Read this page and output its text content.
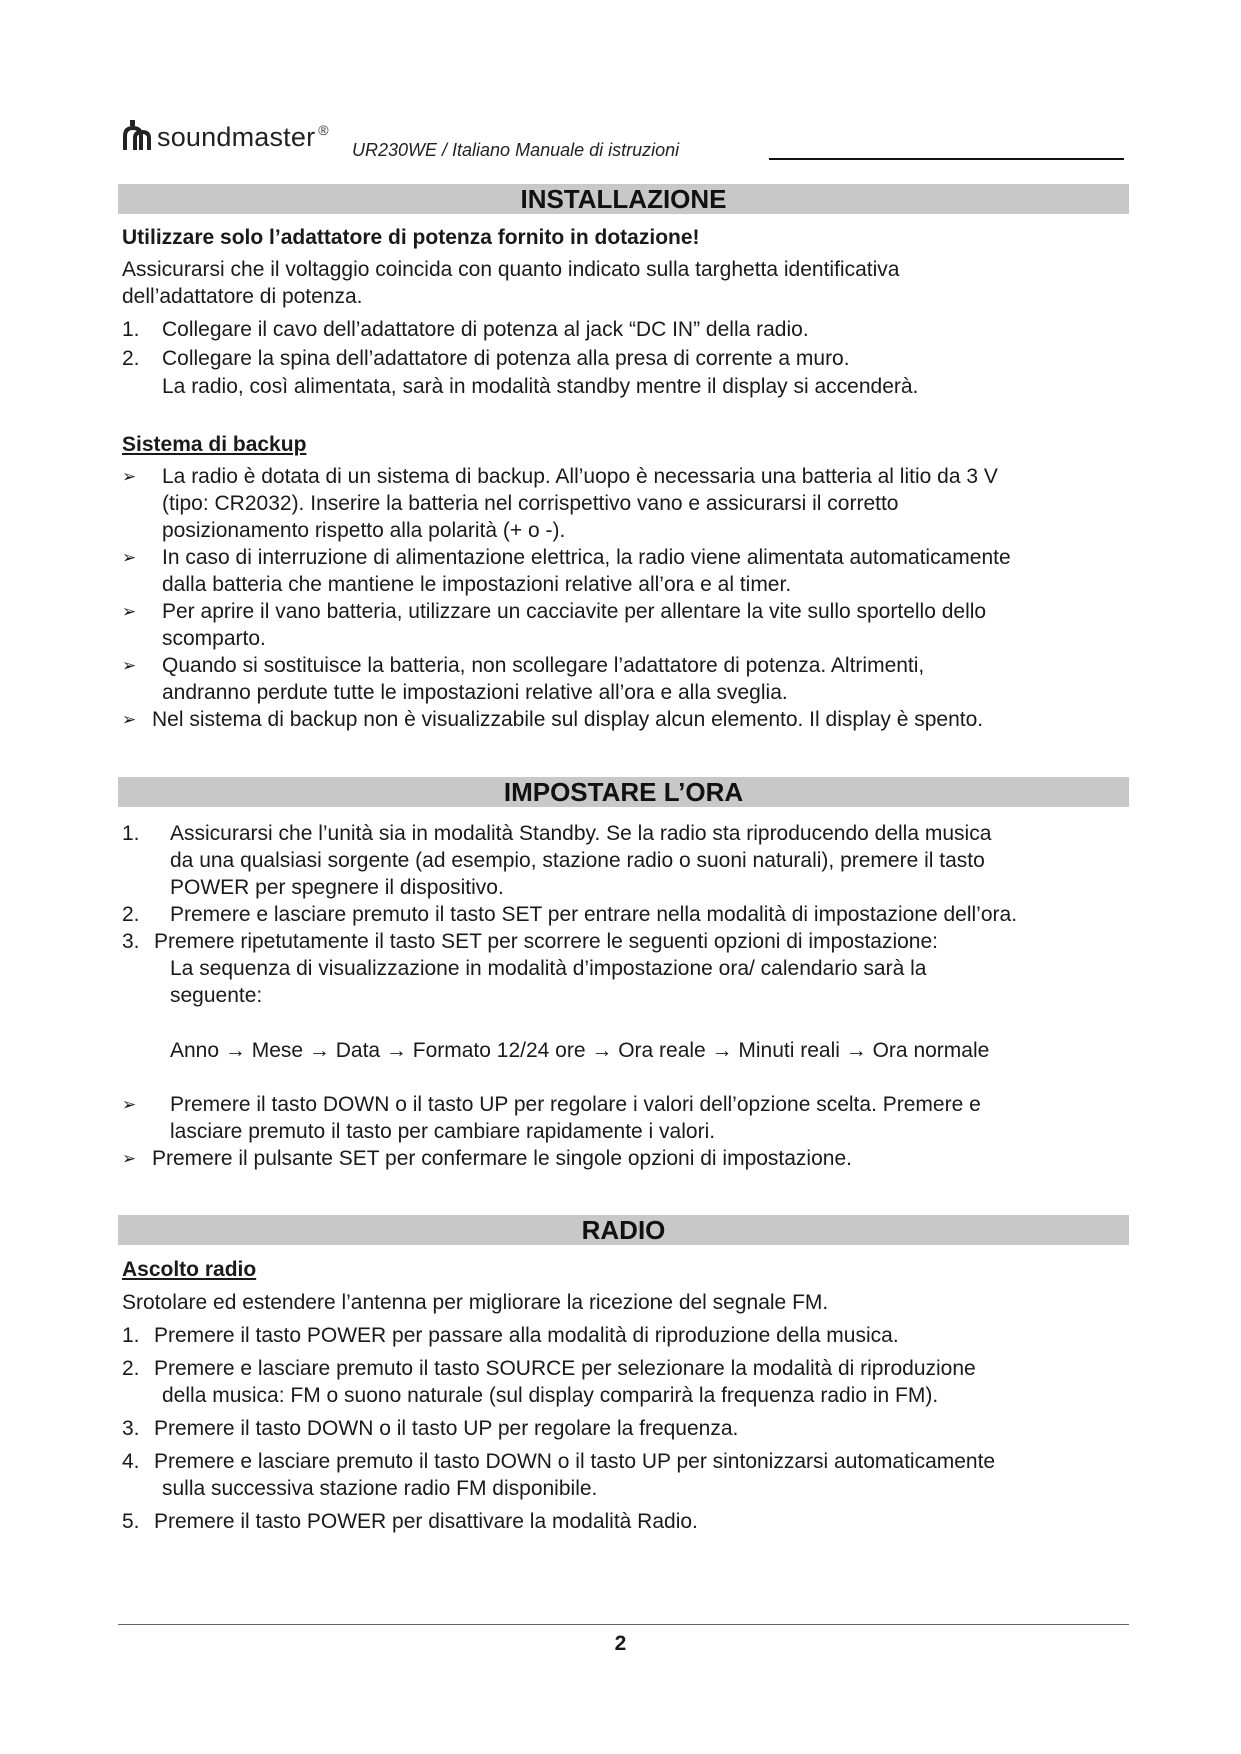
soundmaster ®
UR230WE / Italiano Manuale di istruzioni
INSTALLAZIONE
Utilizzare solo l’adattatore di potenza fornito in dotazione!
Assicurarsi che il voltaggio coincida con quanto indicato sulla targhetta identificativa
dell’adattatore di potenza.
1. Collegare il cavo dell’adattatore di potenza al jack “DC IN” della radio.
2. Collegare la spina dell’adattatore di potenza alla presa di corrente a muro.
La radio, così alimentata, sarà in modalità standby mentre il display si accenderà.
Sistema di backup
➢ La radio è dotata di un sistema di backup. All’uopo è necessaria una batteria al litio da 3 V
(tipo: CR2032). Inserire la batteria nel corrispettivo vano e assicurarsi il corretto
posizionamento rispetto alla polarità (+ o -).
➢ In caso di interruzione di alimentazione elettrica, la radio viene alimentata automaticamente
dalla batteria che mantiene le impostazioni relative all’ora e al timer.
➢ Per aprire il vano batteria, utilizzare un cacciavite per allentare la vite sullo sportello dello
scomparto.
➢ Quando si sostituisce la batteria, non scollegare l’adattatore di potenza. Altrimenti,
andranno perdute tutte le impostazioni relative all’ora e alla sveglia.
➢ Nel sistema di backup non è visualizzabile sul display alcun elemento. Il display è spento.
IMPOSTARE L’ORA
1. Assicurarsi che l’unità sia in modalità Standby. Se la radio sta riproducendo della musica
da una qualsiasi sorgente (ad esempio, stazione radio o suoni naturali), premere il tasto
POWER per spegnere il dispositivo.
2. Premere e lasciare premuto il tasto SET per entrare nella modalità di impostazione dell’ora.
3. Premere ripetutamente il tasto SET per scorrere le seguenti opzioni di impostazione:
La sequenza di visualizzazione in modalità d’impostazione ora/ calendario sarà la
seguente:
Anno → Mese → Data → Formato 12/24 ore → Ora reale → Minuti reali → Ora normale
➢ Premere il tasto DOWN o il tasto UP per regolare i valori dell’opzione scelta. Premere e
lasciare premuto il tasto per cambiare rapidamente i valori.
➢ Premere il pulsante SET per confermare le singole opzioni di impostazione.
RADIO
Ascolto radio
Srotolare ed estendere l’antenna per migliorare la ricezione del segnale FM.
1. Premere il tasto POWER per passare alla modalità di riproduzione della musica.
2. Premere e lasciare premuto il tasto SOURCE per selezionare la modalità di riproduzione
della musica: FM o suono naturale (sul display comparirà la frequenza radio in FM).
3. Premere il tasto DOWN o il tasto UP per regolare la frequenza.
4. Premere e lasciare premuto il tasto DOWN o il tasto UP per sintonizzarsi automaticamente
sulla successiva stazione radio FM disponibile.
5. Premere il tasto POWER per disattivare la modalità Radio.
2
